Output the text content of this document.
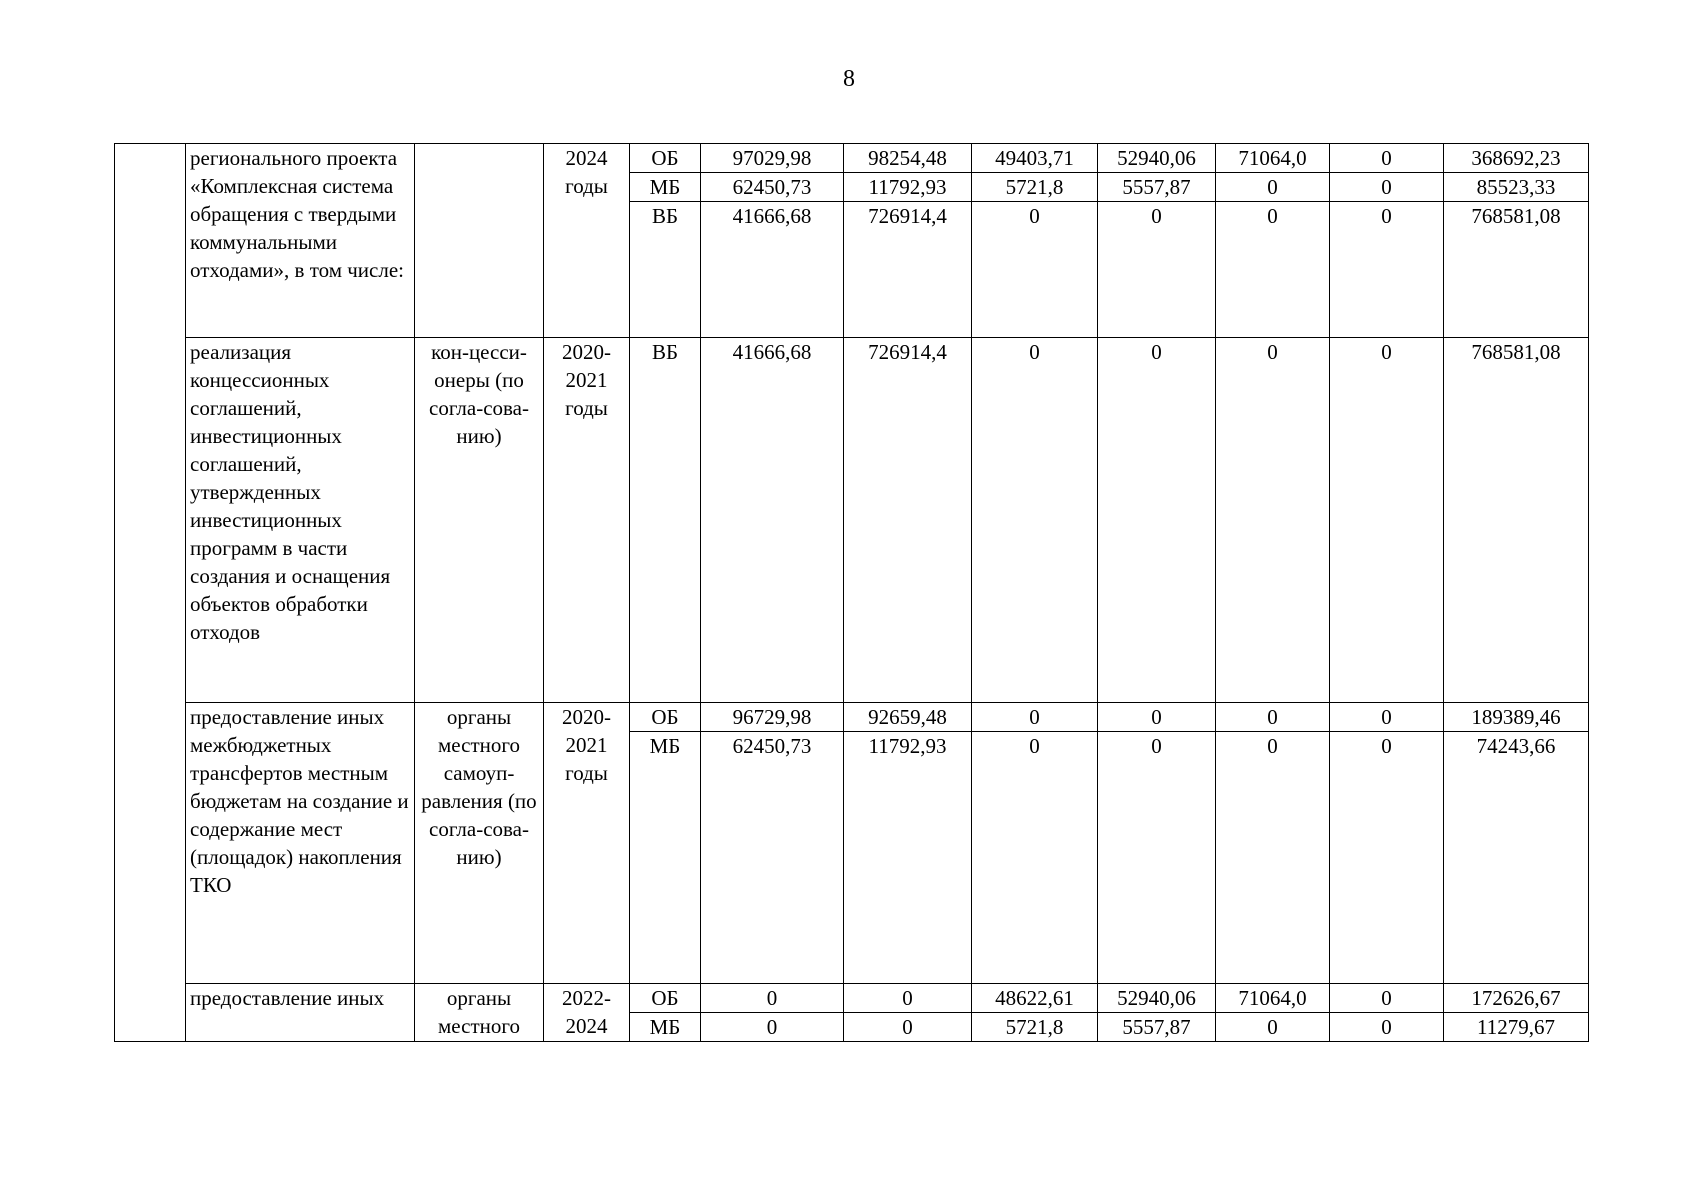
8
	регионального проекта «Комплексная система обращения с твердыми коммунальными отходами», в том числе:		2024 годы	ОБ	97029,98	98254,48	49403,71	52940,06	71064,0	0	368692,23
				МБ	62450,73	11792,93	5721,8	5557,87	0	0	85523,33
				ВБ	41666,68	726914,4	0	0	0	0	768581,08
	реализация концессионных соглашений, инвестиционных соглашений, утвержденных инвестиционных программ в части создания и оснащения объектов обработки отходов	кон-цесси-онеры (по согла-сова-нию)	2020-2021 годы	ВБ	41666,68	726914,4	0	0	0	0	768581,08
	предоставление иных межбюджетных трансфертов местным бюджетам на создание и содержание мест (площадок) накопления ТКО	органы местного самоуп-равления (по согла-сова-нию)	2020-2021 годы	ОБ	96729,98	92659,48	0	0	0	0	189389,46
				МБ	62450,73	11792,93	0	0	0	0	74243,66
	предоставление иных	органы местного	2022-2024	ОБ	0	0	48622,61	52940,06	71064,0	0	172626,67
				МБ	0	0	5721,8	5557,87	0	0	11279,67
